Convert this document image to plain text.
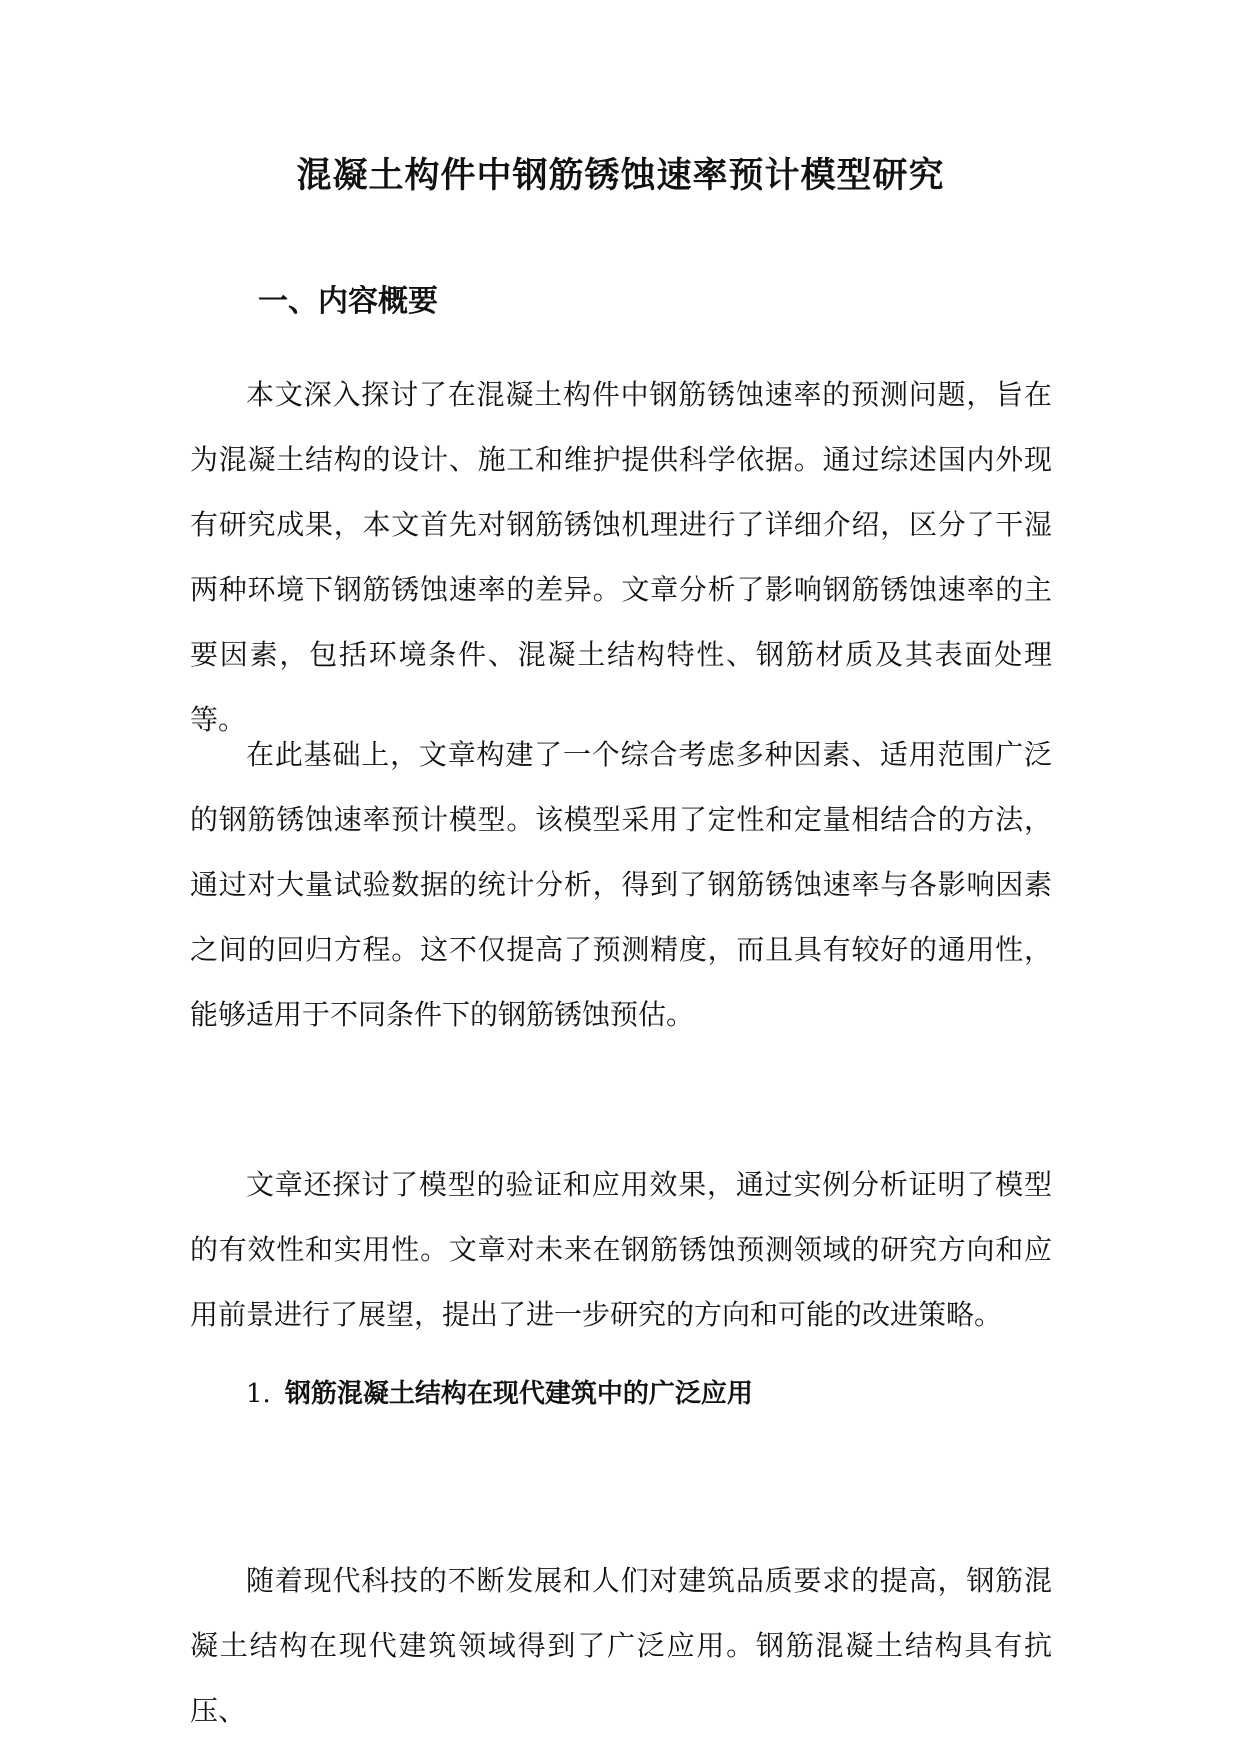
混凝土构件中钢筋锈蚀速率预计模型研究
一、内容概要

本文深入探讨了在混凝土构件中钢筋锈蚀速率的预测问题，旨在为混凝土结构的设计、施工和维护提供科学依据。通过综述国内外现有研究成果，本文首先对钢筋锈蚀机理进行了详细介绍，区分了干湿两种环境下钢筋锈蚀速率的差异。文章分析了影响钢筋锈蚀速率的主要因素，包括环境条件、混凝土结构特性、钢筋材质及其表面处理等。

在此基础上，文章构建了一个综合考虑多种因素、适用范围广泛的钢筋锈蚀速率预计模型。该模型采用了定性和定量相结合的方法，通过对大量试验数据的统计分析，得到了钢筋锈蚀速率与各影响因素之间的回归方程。这不仅提高了预测精度，而且具有较好的通用性，能够适用于不同条件下的钢筋锈蚀预估。

文章还探讨了模型的验证和应用效果，通过实例分析证明了模型的有效性和实用性。文章对未来在钢筋锈蚀预测领域的研究方向和应用前景进行了展望，提出了进一步研究的方向和可能的改进策略。

1. 钢筋混凝土结构在现代建筑中的广泛应用

随着现代科技的不断发展和人们对建筑品质要求的提高，钢筋混凝土结构在现代建筑领域得到了广泛应用。钢筋混凝土结构具有抗压、
